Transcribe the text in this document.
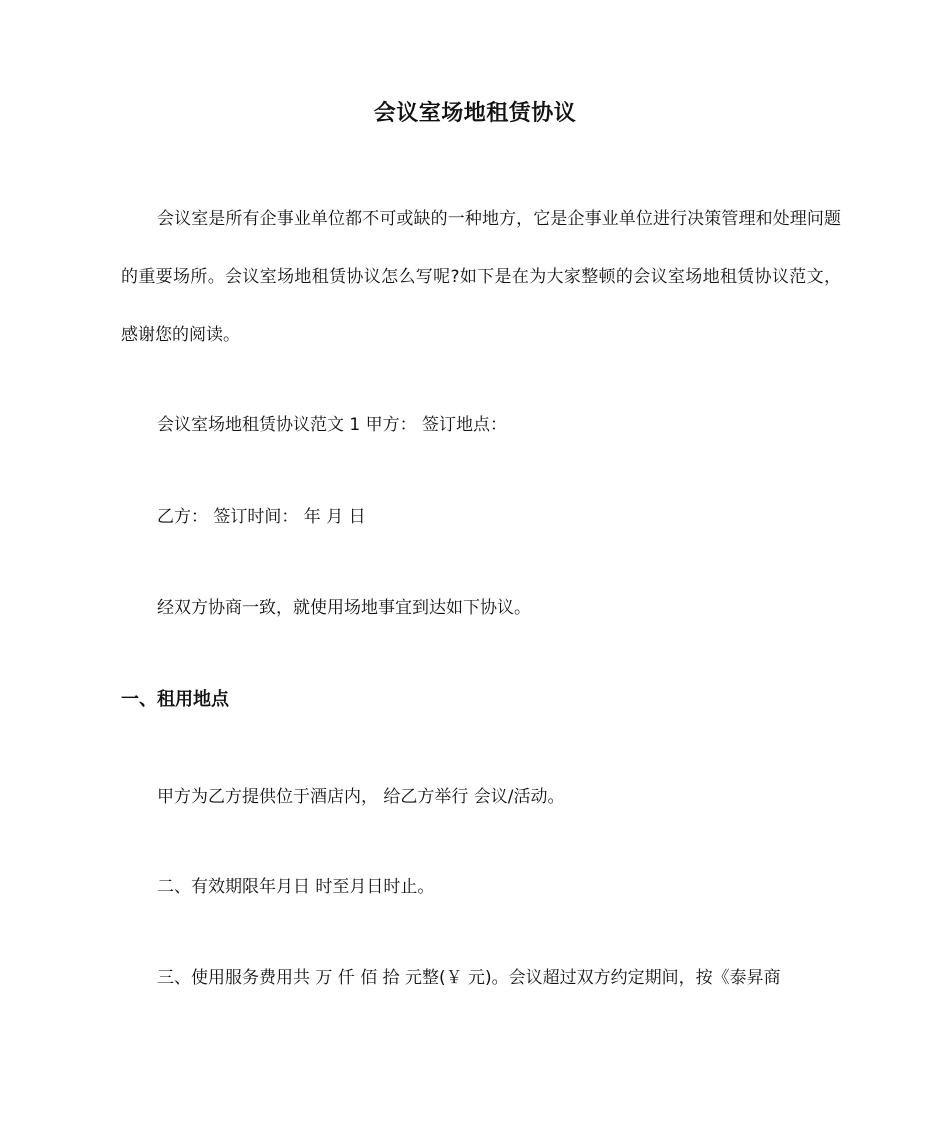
会议室场地租赁协议
会议室是所有企事业单位都不可或缺的一种地方，它是企事业单位进行决策管理和处理问题的重要场所。会议室场地租赁协议怎么写呢?如下是在为大家整顿的会议室场地租赁协议范文，感谢您的阅读。
会议室场地租赁协议范文 1 甲方： 签订地点：
乙方： 签订时间： 年 月 日
经双方协商一致，就使用场地事宜到达如下协议。
一、租用地点
甲方为乙方提供位于酒店内， 给乙方举行 会议/活动。
二、有效期限年月日 时至月日时止。
三、使用服务费用共 万 仟 佰 拾 元整(￥ 元)。会议超过双方约定期间，按《泰昇商
